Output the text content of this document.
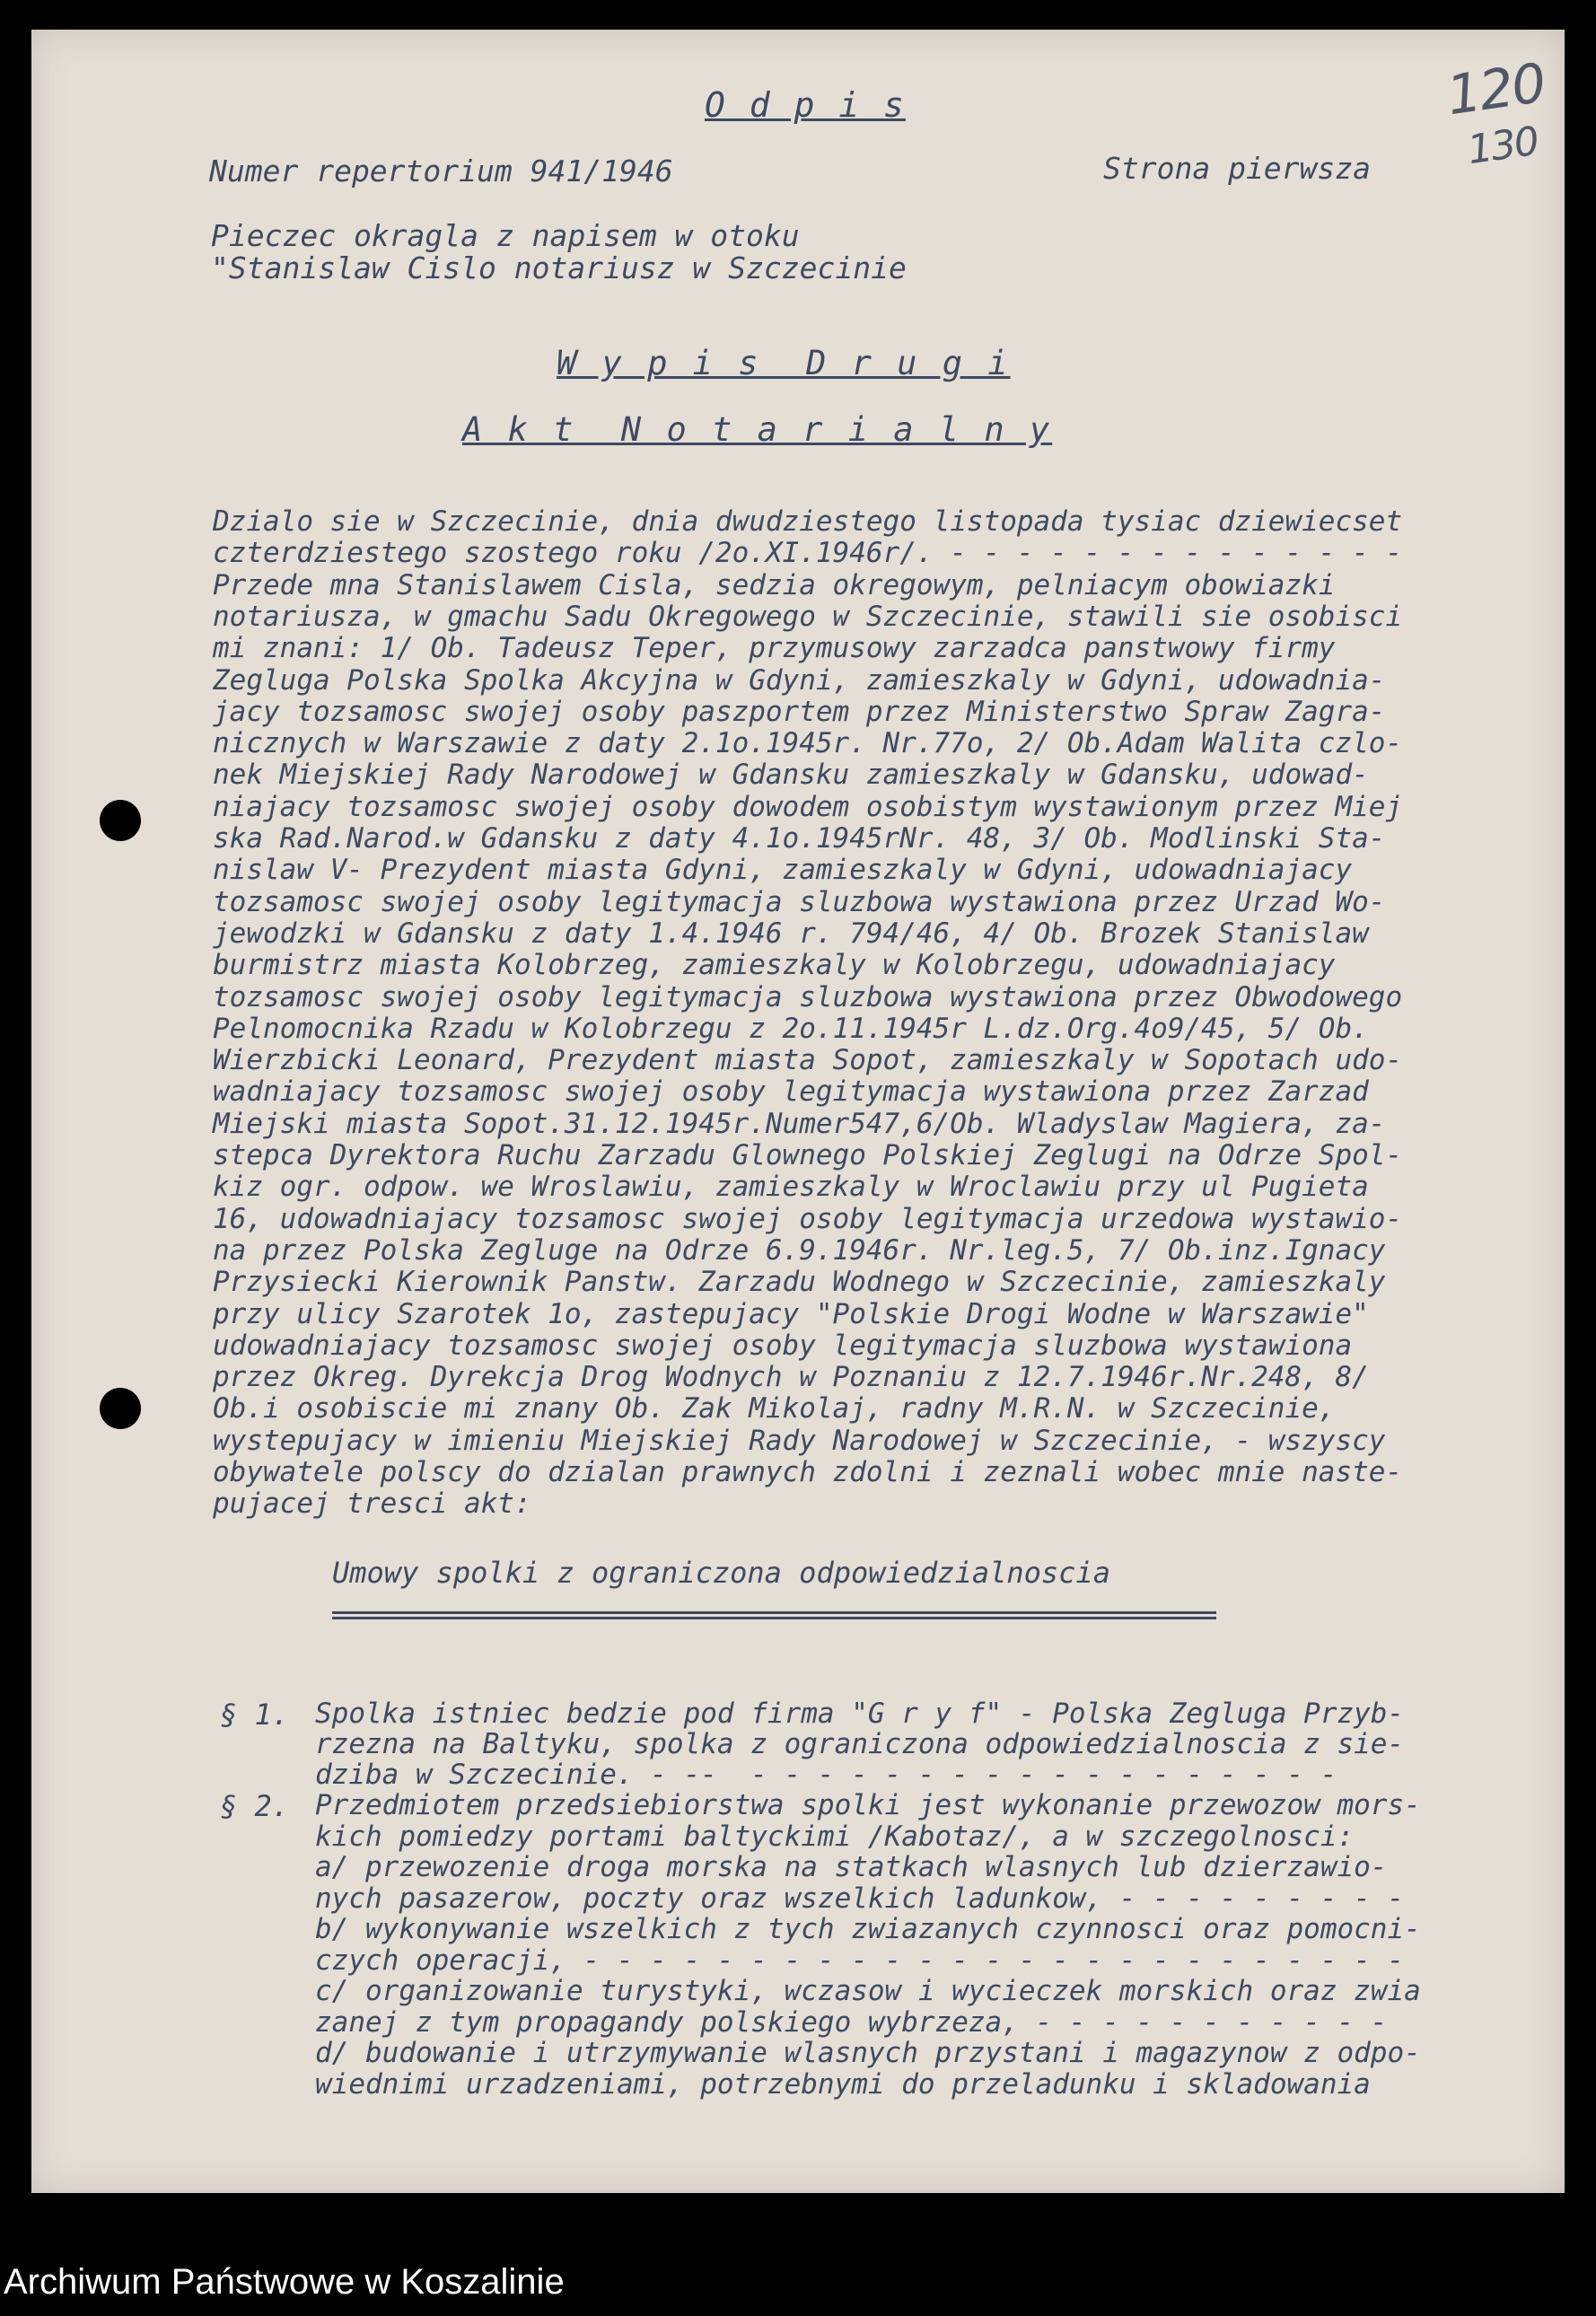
120
130
O d p i s
Numer repertorium 941/1946	Strona pierwsza
Pieczec okragla z napisem w otoku
"Stanislaw Cislo notariusz w Szczecinie
W y p i s  D r u g i
A k t  N o t a r i a l n y
Dzialo sie w Szczecinie, dnia dwudziestego listopada tysiac dziewiecset
czterdziestego szostego roku /2o.XI.1946r/. - - - - - - - - - - - - - -
Przede mna Stanislawem Cisla, sedzia okregowym, pelniacym obowiazki
notariusza, w gmachu Sadu Okregowego w Szczecinie, stawili sie osobisci
mi znani: 1/ Ob. Tadeusz Teper, przymusowy zarzadca panstwowy firmy
Zegluga Polska Spolka Akcyjna w Gdyni, zamieszkaly w Gdyni, udowadnia-
jacy tozsamosc swojej osoby paszportem przez Ministerstwo Spraw Zagra-
nicznych w Warszawie z daty 2.1o.1945r. Nr.77o, 2/ Ob.Adam Walita czlo-
nek Miejskiej Rady Narodowej w Gdansku zamieszkaly w Gdansku, udowad-
niajacy tozsamosc swojej osoby dowodem osobistym wystawionym przez Miej
ska Rad.Narod.w Gdansku z daty 4.1o.1945rNr. 48, 3/ Ob. Modlinski Sta-
nislaw V- Prezydent miasta Gdyni, zamieszkaly w Gdyni, udowadniajacy
tozsamosc swojej osoby legitymacja sluzbowa wystawiona przez Urzad Wo-
jewodzki w Gdansku z daty 1.4.1946 r. 794/46, 4/ Ob. Brozek Stanislaw
burmistrz miasta Kolobrzeg, zamieszkaly w Kolobrzegu, udowadniajacy
tozsamosc swojej osoby legitymacja sluzbowa wystawiona przez Obwodowego
Pelnomocnika Rzadu w Kolobrzegu z 2o.11.1945r L.dz.Org.4o9/45, 5/ Ob.
Wierzbicki Leonard, Prezydent miasta Sopot, zamieszkaly w Sopotach udo-
wadniajacy tozsamosc swojej osoby legitymacja wystawiona przez Zarzad
Miejski miasta Sopot.31.12.1945r.Numer547,6/Ob. Wladyslaw Magiera, za-
stepca Dyrektora Ruchu Zarzadu Glownego Polskiej Zeglugi na Odrze Spol-
kiz ogr. odpow. we Wroslawiu, zamieszkaly w Wroclawiu przy ul Pugieta
16, udowadniajacy tozsamosc swojej osoby legitymacja urzedowa wystawio-
na przez Polska Zegluge na Odrze 6.9.1946r. Nr.leg.5, 7/ Ob.inz.Ignacy
Przysiecki Kierownik Panstw. Zarzadu Wodnego w Szczecinie, zamieszkaly
przy ulicy Szarotek 1o, zastepujacy "Polskie Drogi Wodne w Warszawie"
udowadniajacy tozsamosc swojej osoby legitymacja sluzbowa wystawiona
przez Okreg. Dyrekcja Drog Wodnych w Poznaniu z 12.7.1946r.Nr.248, 8/
Ob.i osobiscie mi znany Ob. Zak Mikolaj, radny M.R.N. w Szczecinie,
wystepujacy w imieniu Miejskiej Rady Narodowej w Szczecinie, - wszyscy
obywatele polscy do dzialan prawnych zdolni i zeznali wobec mnie naste-
pujacej tresci akt:
Umowy spolki z ograniczona odpowiedzialnoscia
§ 1. Spolka istniec bedzie pod firma "G r y f" - Polska Zegluga Przyb-
rzezna na Baltyku, spolka z ograniczona odpowiedzialnoscia z sie-
dziba w Szczecinie. - --  - - - - - - - - - - - - - - - - - -
§ 2. Przedmiotem przedsiebiorstwa spolki jest wykonanie przewozow mors-
kich pomiedzy portami baltyckimi /Kabotaz/, a w szczegolnosci:
a/ przewozenie droga morska na statkach wlasnych lub dzierzawio-
nych pasazerow, poczty oraz wszelkich ladunkow, - - - - - - - - -
b/ wykonywanie wszelkich z tych zwiazanych czynnosci oraz pomocni-
czych operacji, - - - - - - - - - - - - - - - - - - - - - - - - -
c/ organizowanie turystyki, wczasow i wycieczek morskich oraz zwia
zanej z tym propagandy polskiego wybrzeza, - - - - - - - - - - -
d/ budowanie i utrzymywanie wlasnych przystani i magazynow z odpo-
wiednimi urzadzeniami, potrzebnymi do przeladunku i skladowania
Archiwum Państwowe w Koszalinie
